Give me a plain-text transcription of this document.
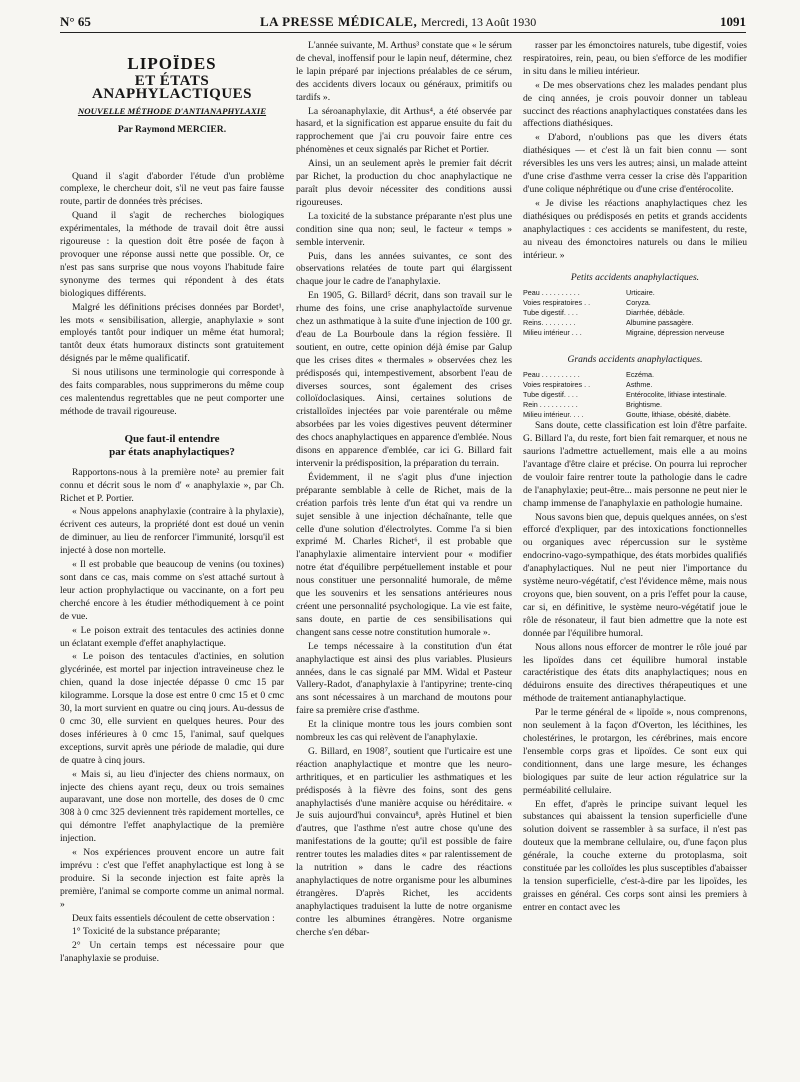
N° 65	LA PRESSE MÉDICALE, Mercredi, 13 Août 1930	1091
LIPOÏDES
ET ÉTATS ANAPHYLACTIQUES
NOUVELLE MÉTHODE D'ANTIANAPHYLAXIE
Par Raymond MERCIER.

Quand il s'agit d'aborder l'étude d'un problème complexe, le chercheur doit, s'il ne veut pas faire fausse route, partir de données très précises.

Quand il s'agit de recherches biologiques expérimentales, la méthode de travail doit être aussi rigoureuse : la question doit être posée de façon à provoquer une réponse aussi nette que possible. Or, ce n'est pas sans surprise que nous voyons l'habitude faire synonyme des termes qui répondent à des états biologiques différents.

Malgré les définitions précises données par Bordet¹, les mots « sensibilisation, allergie, anaphylaxie » sont employés tantôt pour indiquer un même état humoral; tantôt deux états humoraux distincts sont gratuitement désignés par le même qualificatif.

Si nous utilisons une terminologie qui corresponde à des faits comparables, nous supprimerons du même coup ces malentendus regrettables que ne peut comporter une méthode de travail rigoureuse.

Que faut-il entendre
par états anaphylactiques?

Rapportons-nous à la première note² au premier fait connu et décrit sous le nom d' « anaphylaxie », par Ch. Richet et P. Portier.

« Nous appelons anaphylaxie (contraire à la phylaxie), écrivent ces auteurs, la propriété dont est doué un venin de diminuer, au lieu de renforcer l'immunité, lorsqu'il est injecté à dose non mortelle.

« Il est probable que beaucoup de venins (ou toxines) sont dans ce cas, mais comme on s'est attaché surtout à leur action prophylactique ou vaccinante, on a fort peu cherché encore à les étudier méthodiquement à ce point de vue.

« Le poison extrait des tentacules des actinies donne un éclatant exemple d'effet anaphylactique.

« Le poison des tentacules d'actinies, en solution glycérinée, est mortel par injection intraveineuse chez le chien, quand la dose injectée dépasse 0 cmc 15 par kilogramme. Lorsque la dose est entre 0 cmc 15 et 0 cmc 30, la mort survient en quatre ou cinq jours. Au-dessus de 0 cmc 30, elle survient en quelques heures. Pour des doses inférieures à 0 cmc 15, l'animal, sauf quelques exceptions, survit après une période de maladie, qui dure de quatre à cinq jours.

« Mais si, au lieu d'injecter des chiens normaux, on injecte des chiens ayant reçu, deux ou trois semaines auparavant, une dose non mortelle, des doses de 0 cmc 308 à 0 cmc 325 deviennent très rapidement mortelles, ce qui démontre l'effet anaphylactique de la première injection.

« Nos expériences prouvent encore un autre fait imprévu : c'est que l'effet anaphylactique est long à se produire. Si la seconde injection est faite après la première, l'animal se comporte comme un animal normal. »

Deux faits essentiels découlent de cette observation :

1° Toxicité de la substance préparante;

2° Un certain temps est nécessaire pour que l'anaphylaxie se produise.

L'année suivante, M. Arthus³ constate que « le sérum de cheval, inoffensif pour le lapin neuf, détermine, chez le lapin préparé par injections préalables de ce sérum, des accidents divers locaux ou généraux, primitifs ou tardifs ».

La séroanaphylaxie, dit Arthus⁴, a été observée par hasard, et la signification est apparue ensuite du fait du rapprochement que j'ai cru pouvoir faire entre ces phénomènes et ceux signalés par Richet et Portier.

Ainsi, un an seulement après le premier fait décrit par Richet, la production du choc anaphylactique ne paraît plus devoir nécessiter des conditions aussi rigoureuses.

La toxicité de la substance préparante n'est plus une condition sine qua non; seul, le facteur « temps » semble intervenir.

Puis, dans les années suivantes, ce sont des observations relatées de toute part qui élargissent chaque jour le cadre de l'anaphylaxie.

En 1905, G. Billard⁵ décrit, dans son travail sur le rhume des foins, une crise anaphylactoïde survenue chez un asthmatique à la suite d'une injection de 100 gr. d'eau de La Bourboule dans la région fessière. Il soutient, en outre, cette opinion déjà émise par Galup que les crises dites « thermales » observées chez les prédisposés qui, intempestivement, absorbent l'eau de diverses sources, sont également des crises colloïdoclasiques. Ainsi, certaines solutions de cristalloïdes injectées par voie parentérale ou même absorbées par les voies digestives peuvent déterminer des chocs anaphylactiques en apparence d'emblée. Nous disons en apparence d'emblée, car ici G. Billard fait intervenir la prédisposition, la préparation du terrain.

Évidemment, il ne s'agit plus d'une injection préparante semblable à celle de Richet, mais de la création parfois très lente d'un état qui va rendre un sujet sensible à une injection déchaînante, telle que celle d'une solution d'électrolytes. Comme l'a si bien exprimé M. Charles Richet⁶, il est probable que l'anaphylaxie alimentaire intervient pour « modifier notre état d'équilibre perpétuellement instable et pour nous constituer une personnalité humorale, de même que les souvenirs et les sensations antérieures nous créent une personnalité psychologique. La vie est faite, sans doute, en partie de ces sensibilisations qui changent sans cesse notre constitution humorale ».

Le temps nécessaire à la constitution d'un état anaphylactique est ainsi des plus variables. Plusieurs années, dans le cas signalé par MM. Widal et Pasteur Vallery-Radot, d'anaphylaxie à l'antipyrine; trente-cinq ans sont nécessaires à un marchand de moutons pour faire sa première crise d'asthme.

Et la clinique montre tous les jours combien sont nombreux les cas qui relèvent de l'anaphylaxie.

G. Billard, en 1908⁷, soutient que l'urticaire est une réaction anaphylactique et montre que les neuro-arthritiques, et en particulier les asthmatiques et les prédisposés à la fièvre des foins, sont des gens anaphylactisés d'une manière acquise ou héréditaire. « Je suis aujourd'hui convaincu⁸, après Hutinel et bien d'autres, que l'asthme n'est autre chose qu'une des manifestations de la goutte; qu'il est possible de faire rentrer toutes les maladies dites « par ralentissement de la nutrition » dans le cadre des réactions anaphylactiques de notre organisme pour les albumines étrangères. D'après Richet, les accidents anaphylactiques traduisent la lutte de notre organisme contre les albumines étrangères. Notre organisme cherche s'en débar-

rasser par les émonctoires naturels, tube digestif, voies respiratoires, rein, peau, ou bien s'efforce de les modifier in situ dans le milieu intérieur.

« De mes observations chez les malades pendant plus de cinq années, je crois pouvoir donner un tableau succinct des réactions anaphylactiques constatées dans les affections diathésiques.

« D'abord, n'oublions pas que les divers états diathésiques — et c'est là un fait bien connu — sont réversibles les uns vers les autres; ainsi, un malade atteint d'une crise d'asthme verra cesser la crise dès l'apparition d'une colique néphrétique ou d'une crise d'entérocolite.

« Je divise les réactions anaphylactiques chez les diathésiques ou prédisposés en petits et grands accidents anaphylactiques : ces accidents se manifestent, du reste, au niveau des émonctoires naturels ou dans le milieu intérieur. »

Petits accidents anaphylactiques.
Peau . . . . . . . . . .	Urticaire.
Voies respiratoires . .	Coryza.
Tube digestif. . . .	Diarrhée, débâcle.
Reins. . . . . . . . .	Albumine passagère.
Milieu intérieur . . .	Migraine, dépression nerveuse
Grands accidents anaphylactiques.
Peau . . . . . . . . . .	Eczéma.
Voies respiratoires . .	Asthme.
Tube digestif. . . .	Entérocolite, lithiase intestinale.
Rein . . . . . . . . . .	Brightisme.
Milieu intérieur. . . .	Goutte, lithiase, obésité, diabète.

Sans doute, cette classification est loin d'être parfaite. G. Billard l'a, du reste, fort bien fait remarquer, et nous ne saurions l'admettre actuellement, mais elle a au moins l'avantage d'être claire et précise. On pourra lui reprocher de vouloir faire rentrer toute la pathologie dans le cadre de l'anaphylaxie; peut-être... mais personne ne peut nier le champ immense de l'anaphylaxie en pathologie humaine.

Nous savons bien que, depuis quelques années, on s'est efforcé d'expliquer, par des intoxications fonctionnelles ou organiques avec répercussion sur le système endocrino-vago-sympathique, des états morbides qualifiés d'anaphylactiques. Nul ne peut nier l'importance du système neuro-végétatif, c'est l'évidence même, mais nous croyons que, bien souvent, on a pris l'effet pour la cause, car si, en définitive, le système neuro-végétatif joue le rôle de résonateur, il faut bien admettre que la note est donnée par l'équilibre humoral.

Nous allons nous efforcer de montrer le rôle joué par les lipoïdes dans cet équilibre humoral instable caractéristique des états dits anaphylactiques; nous en déduirons ensuite des directives thérapeutiques et une méthode de traitement antianaphylactique.

Par le terme général de « lipoïde », nous comprenons, non seulement à la façon d'Overton, les lécithines, les cholestérines, le protargon, les cérébrines, mais encore l'ensemble corps gras et lipoïdes. Ce sont eux qui conditionnent, dans une large mesure, les échanges biologiques par suite de leur action régulatrice sur la perméabilité cellulaire.

En effet, d'après le principe suivant lequel les substances qui abaissent la tension superficielle d'une solution doivent se rassembler à sa surface, il n'est pas douteux que la membrane cellulaire, ou, d'une façon plus générale, la couche externe du protoplasma, soit constituée par les colloïdes les plus susceptibles d'abaisser la tension superficielle, c'est-à-dire par les lipoïdes, les graisses en général. Ces corps sont ainsi les premiers à entrer en contact avec les
